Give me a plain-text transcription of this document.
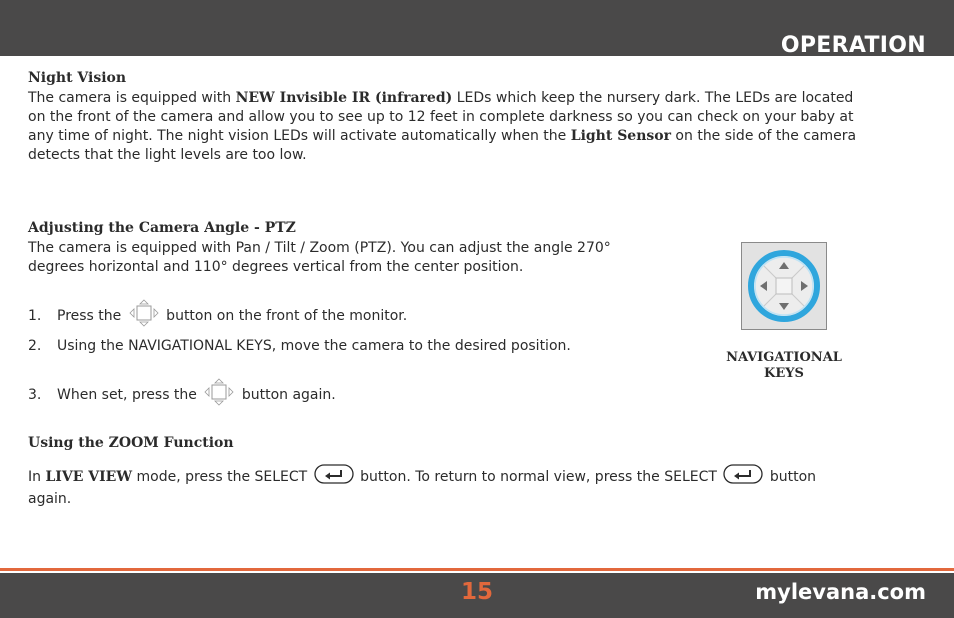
OPERATION
Night Vision
The camera is equipped with NEW Invisible IR (infrared) LEDs which keep the nursery dark. The LEDs are located on the front of the camera and allow you to see up to 12 feet in complete darkness so you can check on your baby at any time of night. The night vision LEDs will activate automatically when the Light Sensor on the side of the camera detects that the light levels are too low.
Adjusting the Camera Angle - PTZ
The camera is equipped with Pan / Tilt / Zoom (PTZ). You can adjust the angle 270°
degrees horizontal and 110° degrees vertical from the center position.
1. Press the	button on the front of the monitor.
2. Using the NAVIGATIONAL KEYS, move the camera to the desired position.
3. When set, press the	button again.
NAVIGATIONAL
KEYS
Using the ZOOM Function
In LIVE VIEW mode, press the SELECT	button. To return to normal view, press the SELECT	button again.
15	mylevana.com
